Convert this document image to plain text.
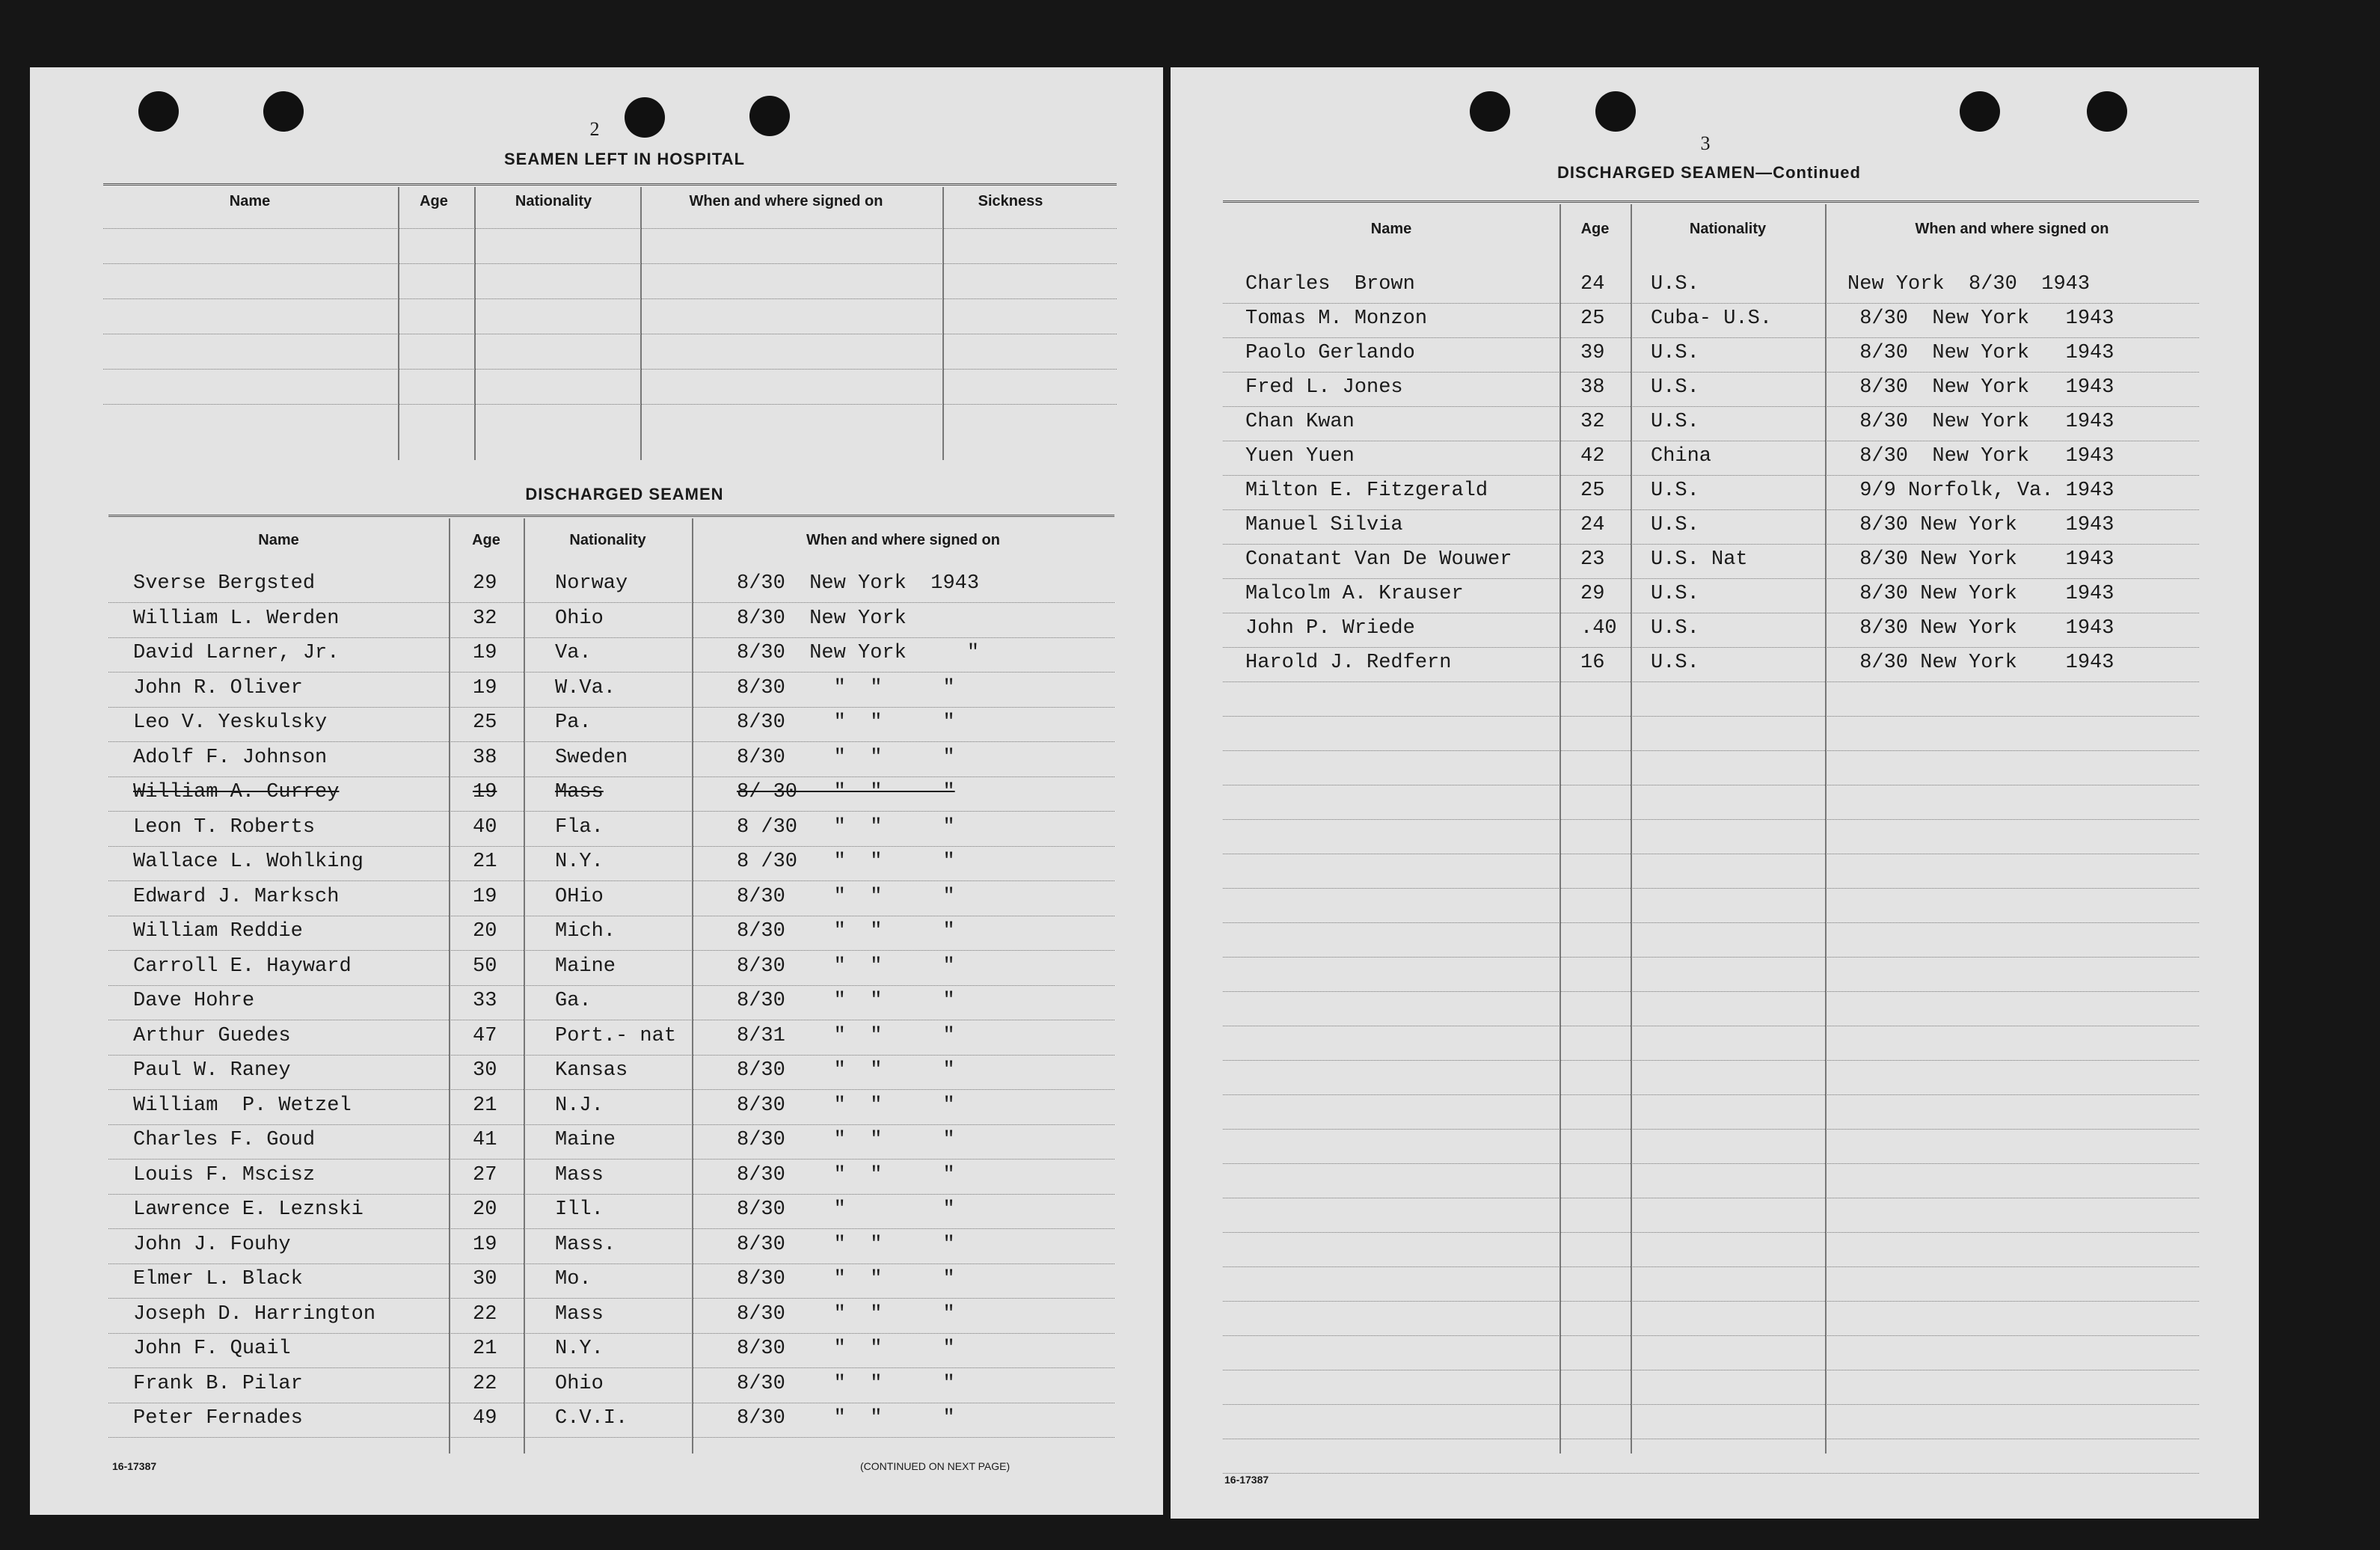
2
SEAMEN LEFT IN HOSPITAL
Name	Age	Nationality	When and where signed on	Sickness
DISCHARGED SEAMEN
Name	Age	Nationality	When and where signed on
Sverse Bergsted	29	Norway	8/30  New York  1943
William L. Werden	32	Ohio	8/30  New York
David Larner, Jr.	19	Va.	8/30  New York     "
John R. Oliver	19	W.Va.	8/30    "  "     "
Leo V. Yeskulsky	25	Pa.	8/30    "  "     "
Adolf F. Johnson	38	Sweden	8/30    "  "     "
William A. Currey	19	Mass	8/ 30   "  "     "
Leon T. Roberts	40	Fla.	8 /30   "  "     "
Wallace L. Wohlking	21	N.Y.	8 /30   "  "     "
Edward J. Marksch	19	OHio	8/30    "  "     "
William Reddie	20	Mich.	8/30    "  "     "
Carroll E. Hayward	50	Maine	8/30    "  "     "
Dave Hohre	33	Ga.	8/30    "  "     "
Arthur Guedes	47	Port.- nat	8/31    "  "     "
Paul W. Raney	30	Kansas	8/30    "  "     "
William  P. Wetzel	21	N.J.	8/30    "  "     "
Charles F. Goud	41	Maine	8/30    "  "     "
Louis F. Mscisz	27	Mass	8/30    "  "     "
Lawrence E. Leznski	20	Ill.	8/30    "        "
John J. Fouhy	19	Mass.	8/30    "  "     "
Elmer L. Black	30	Mo.	8/30    "  "     "
Joseph D. Harrington	22	Mass	8/30    "  "     "
John F. Quail	21	N.Y.	8/30    "  "     "
Frank B. Pilar	22	Ohio	8/30    "  "     "
Peter Fernades	49	C.V.I.	8/30    "  "     "
16-17387	(CONTINUED ON NEXT PAGE)
3
DISCHARGED SEAMEN—Continued
Name	Age	Nationality	When and where signed on
Charles  Brown	24 U.S.	New York  8/30  1943
Tomas M. Monzon	25 Cuba- U.S.	8/30  New York   1943
Paolo Gerlando	39 U.S.	8/30  New York   1943
Fred L. Jones	38 U.S.	8/30  New York   1943
Chan Kwan	32 U.S.	8/30  New York   1943
Yuen Yuen	42 China	8/30  New York   1943
Milton E. Fitzgerald	25 U.S.	9/9 Norfolk, Va. 1943
Manuel Silvia	24 U.S.	8/30 New York    1943
Conatant Van De Wouwer	23 U.S. Nat	8/30 New York    1943
Malcolm A. Krauser	29 U.S.	8/30 New York    1943
John P. Wriede	.40 U.S.	8/30 New York    1943
Harold J. Redfern	16 U.S.	8/30 New York    1943
16-17387
